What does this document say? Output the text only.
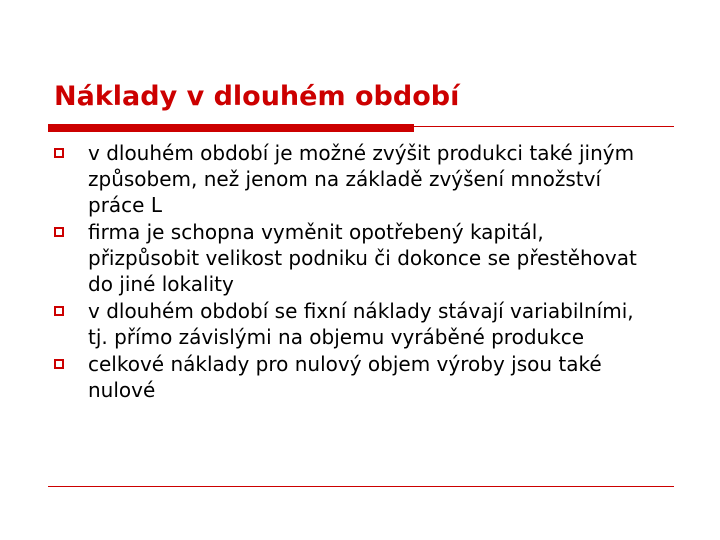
Náklady v dlouhém období
v dlouhém období je možné zvýšit produkci také jiným způsobem, než jenom na základě zvýšení množství práce L
firma je schopna vyměnit opotřebený kapitál, přizpůsobit velikost podniku či dokonce se přestěhovat do jiné lokality
v dlouhém období se fixní náklady stávají variabilními, tj. přímo závislými na objemu vyráběné produkce
celkové náklady pro nulový objem výroby jsou také nulové
